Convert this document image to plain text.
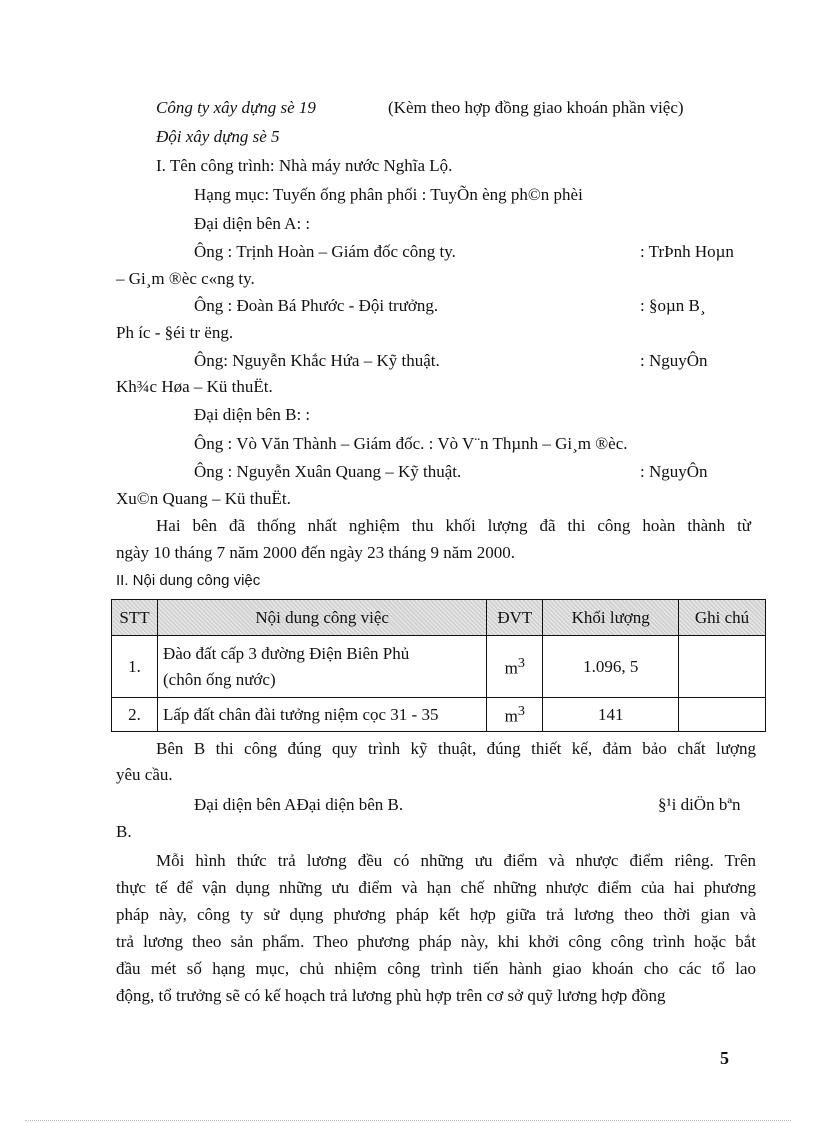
Công ty xây dựng sè 19	(Kèm theo hợp đồng giao khoán phần việc)
Đội xây dựng sè 5
I. Tên công trình: Nhà máy nước Nghĩa Lộ.
Hạng mục: Tuyến ống phân phối : TuyÕn èng ph©n phèi
Đại diện bên A: :
Ông : Trịnh Hoàn – Giám đốc công ty.	: TrÞnh Hoµn
– Gi¸m ®èc c«ng ty.
Ông : Đoàn Bá Phước - Đội trưởng.	: §oµn B¸
Ph íc - §éi tr ëng.
Ông: Nguyễn Khắc Hứa – Kỹ thuật.	: NguyÔn
Kh¾c Høa – Kü thuËt.
Đại diện bên B: :
Ông : Vò Văn Thành – Giám đốc. : Vò V¨n Thµnh – Gi¸m ®èc.
Ông : Nguyễn Xuân Quang – Kỹ thuật.	: NguyÔn
Xu©n Quang – Kü thuËt.
Hai bên đã thống nhất nghiệm thu khối lượng đã thi công hoàn thành từ
ngày 10 tháng 7 năm 2000 đến ngày 23 tháng 9 năm 2000.
II. Nội dung công việc
STT	Nội dung công việc	ĐVT	Khối lượng	Ghi chú
1.	Đào đất cấp 3 đường Điện Biên Phủ
(chôn ống nước)	$m^3$	1.096, 5	
2.	Lấp đất chân đài tưởng niệm cọc 31 - 35	$m^3$	141	
Bên B thi công đúng quy trình kỹ thuật, đúng thiết kế, đảm bảo chất lượng
yêu cầu.
Đại diện bên AĐại diện bên B.	§¹i diÖn bªn
B.
Mỗi hình thức trả lương đều có những ưu điểm và nhược điểm riêng. Trên
thực tế để vận dụng những ưu điểm và hạn chế những nhược điểm của hai phương
pháp này, công ty sử dụng phương pháp kết hợp giữa trả lương theo thời gian và
trả lương theo sản phẩm. Theo phương pháp này, khi khởi công công trình hoặc bắt
đầu mét số hạng mục, chủ nhiệm công trình tiến hành giao khoán cho các tổ lao
động, tổ trưởng sẽ có kế hoạch trả lương phù hợp trên cơ sở quỹ lương hợp đồng
5
